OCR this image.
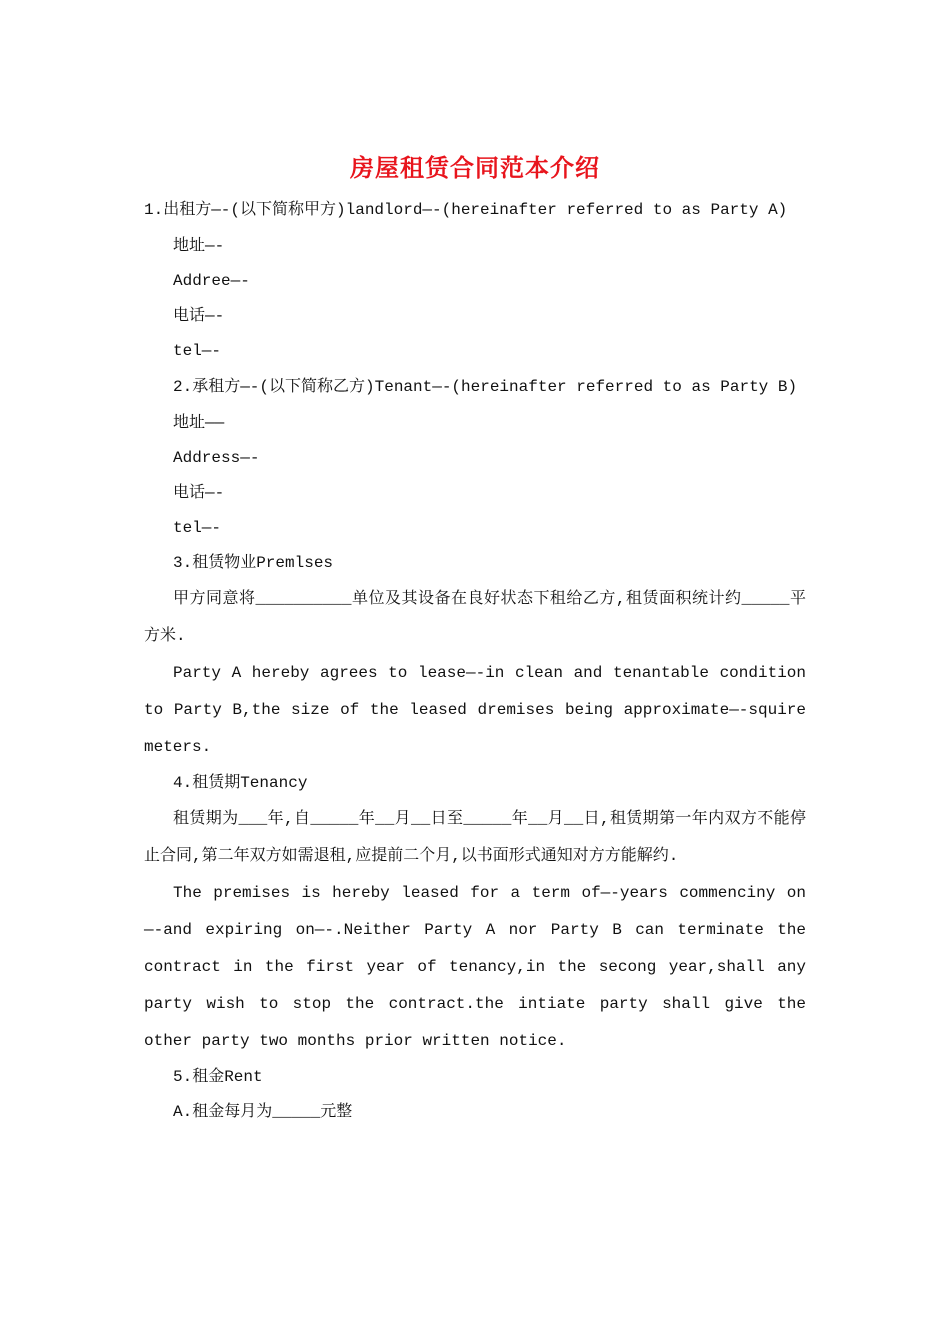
房屋租赁合同范本介绍

1.出租方—-(以下简称甲方)landlord—-(hereinafter referred to as Party A)

地址—-

Addree—-

电话—-

tel—-

2.承租方—-(以下简称乙方)Tenant—-(hereinafter referred to as Party B)

地址——

Address—-

电话—-

tel—-

3.租赁物业Premlses

甲方同意将__________单位及其设备在良好状态下租给乙方,租赁面积统计约_____平方米.

Party A hereby agrees to lease—-in clean and tenantable condition to Party B,the size of the leased dremises being approximate—-squire meters.

4.租赁期Tenancy

租赁期为___年,自_____年__月__日至_____年__月__日,租赁期第一年内双方不能停止合同,第二年双方如需退租,应提前二个月,以书面形式通知对方方能解约.

The premises is hereby leased for a term of—-years commenciny on—-and expiring on—-.Neither Party A nor Party B can terminate the contract in the first year of tenancy,in the secong year,shall any party wish to stop the contract.the intiate party shall give the other party two months prior written notice.

5.租金Rent

A.租金每月为_____元整
